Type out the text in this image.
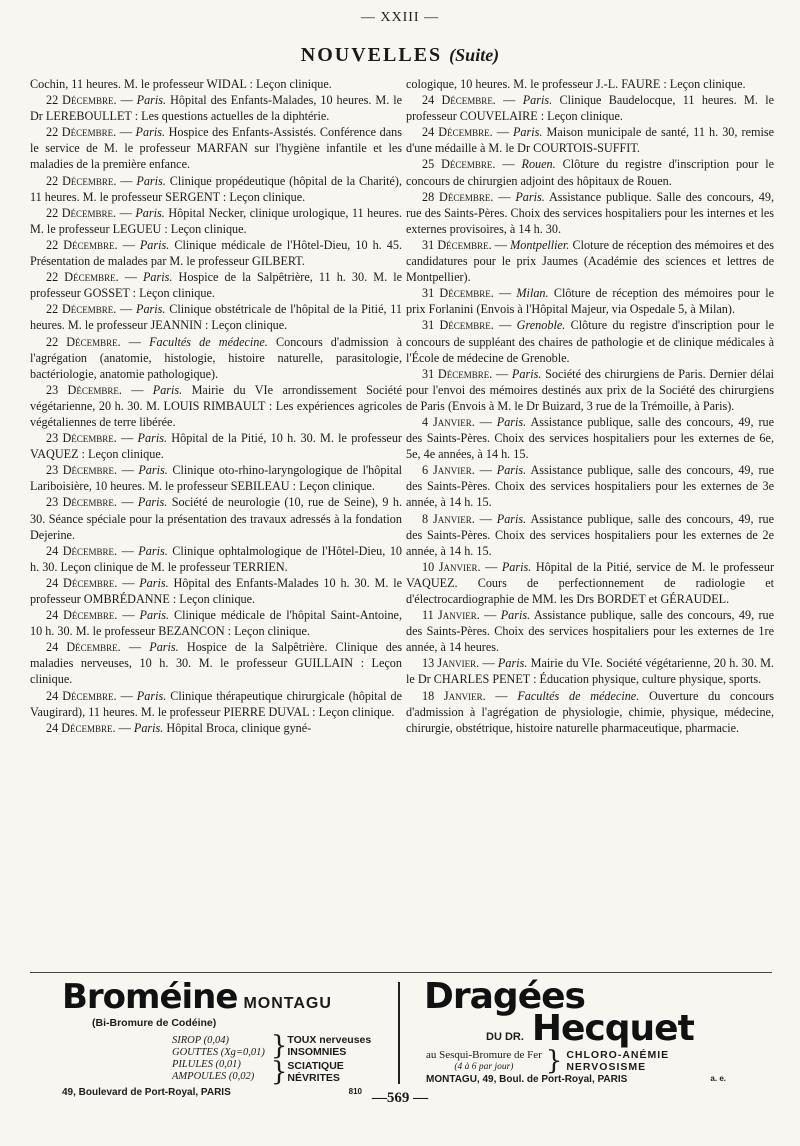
— XXIII —
NOUVELLES (Suite)

Cochin, 11 heures. M. le professeur WIDAL : Leçon clinique.

22 Décembre. — Paris. Hôpital des Enfants-Malades, 10 heures. M. le Dr LEREBOULLET : Les questions actuelles de la diphtérie.

22 Décembre. — Paris. Hospice des Enfants-Assistés. Conférence dans le service de M. le professeur MARFAN sur l'hygiène infantile et les maladies de la première enfance.

22 Décembre. — Paris. Clinique propédeutique (hôpital de la Charité), 11 heures. M. le professeur SERGENT : Leçon clinique.

22 Décembre. — Paris. Hôpital Necker, clinique urologique, 11 heures. M. le professeur LEGUEU : Leçon clinique.

22 Décembre. — Paris. Clinique médicale de l'Hôtel-Dieu, 10 h. 45. Présentation de malades par M. le professeur GILBERT.

22 Décembre. — Paris. Hospice de la Salpêtrière, 11 h. 30. M. le professeur GOSSET : Leçon clinique.

22 Décembre. — Paris. Clinique obstétricale de l'hôpital de la Pitié, 11 heures. M. le professeur JEANNIN : Leçon clinique.

22 Décembre. — Facultés de médecine. Concours d'admission à l'agrégation (anatomie, histologie, histoire naturelle, parasitologie, bactériologie, anatomie pathologique).

23 Décembre. — Paris. Mairie du VIe arrondissement Société végétarienne, 20 h. 30. M. LOUIS RIMBAULT : Les expériences agricoles végétaliennes de terre libérée.

23 Décembre. — Paris. Hôpital de la Pitié, 10 h. 30. M. le professeur VAQUEZ : Leçon clinique.

23 Décembre. — Paris. Clinique oto-rhino-laryngologique de l'hôpital Lariboisière, 10 heures. M. le professeur SEBILEAU : Leçon clinique.

23 Décembre. — Paris. Société de neurologie (10, rue de Seine), 9 h. 30. Séance spéciale pour la présentation des travaux adressés à la fondation Dejerine.

24 Décembre. — Paris. Clinique ophtalmologique de l'Hôtel-Dieu, 10 h. 30. Leçon clinique de M. le professeur TERRIEN.

24 Décembre. — Paris. Hôpital des Enfants-Malades 10 h. 30. M. le professeur OMBRÉDANNE : Leçon clinique.

24 Décembre. — Paris. Clinique médicale de l'hôpital Saint-Antoine, 10 h. 30. M. le professeur BEZANCON : Leçon clinique.

24 Décembre. — Paris. Hospice de la Salpêtrière. Clinique des maladies nerveuses, 10 h. 30. M. le professeur GUILLAIN : Leçon clinique.

24 Décembre. — Paris. Clinique thérapeutique chirurgicale (hôpital de Vaugirard), 11 heures. M. le professeur PIERRE DUVAL : Leçon clinique.

24 Décembre. — Paris. Hôpital Broca, clinique gyné-

cologique, 10 heures. M. le professeur J.-L. FAURE : Leçon clinique.

24 Décembre. — Paris. Clinique Baudelocque, 11 heures. M. le professeur COUVELAIRE : Leçon clinique.

24 Décembre. — Paris. Maison municipale de santé, 11 h. 30, remise d'une médaille à M. le Dr COURTOIS-SUFFIT.

25 Décembre. — Rouen. Clôture du registre d'inscription pour le concours de chirurgien adjoint des hôpitaux de Rouen.

28 Décembre. — Paris. Assistance publique. Salle des concours, 49, rue des Saints-Pères. Choix des services hospitaliers pour les internes et les externes provisoires, à 14 h. 30.

31 Décembre. — Montpellier. Cloture de réception des mémoires et des candidatures pour le prix Jaumes (Académie des sciences et lettres de Montpellier).

31 Décembre. — Milan. Clôture de réception des mémoires pour le prix Forlanini (Envois à l'Hôpital Majeur, via Ospedale 5, à Milan).

31 Décembre. — Grenoble. Clôture du registre d'inscription pour le concours de suppléant des chaires de pathologie et de clinique médicales à l'École de médecine de Grenoble.

31 Décembre. — Paris. Société des chirurgiens de Paris. Dernier délai pour l'envoi des mémoires destinés aux prix de la Société des chirurgiens de Paris (Envois à M. le Dr Buizard, 3 rue de la Trémoille, à Paris).

4 Janvier. — Paris. Assistance publique, salle des concours, 49, rue des Saints-Pères. Choix des services hospitaliers pour les externes de 6e, 5e, 4e années, à 14 h. 15.

6 Janvier. — Paris. Assistance publique, salle des concours, 49, rue des Saints-Pères. Choix des services hospitaliers pour les externes de 3e année, à 14 h. 15.

8 Janvier. — Paris. Assistance publique, salle des concours, 49, rue des Saints-Pères. Choix des services hospitaliers pour les externes de 2e année, à 14 h. 15.

10 Janvier. — Paris. Hôpital de la Pitié, service de M. le professeur VAQUEZ. Cours de perfectionnement de radiologie et d'électrocardiographie de MM. les Drs BORDET et GÉRAUDEL.

11 Janvier. — Paris. Assistance publique, salle des concours, 49, rue des Saints-Pères. Choix des services hospitaliers pour les externes de 1re année, à 14 heures.

13 Janvier. — Paris. Mairie du VIe. Société végétarienne, 20 h. 30. M. le Dr CHARLES PENET : Éducation physique, culture physique, sports.

18 Janvier. — Facultés de médecine. Ouverture du concours d'admission à l'agrégation de physiologie, chimie, physique, médecine, chirurgie, obstétrique, histoire naturelle pharmaceutique, pharmacie.

Broméine MONTAGU
(Bi-Bromure de Codéine)
SIROP (0,04)
GOUTTES (Xg=0,01)
PILULES (0,01)
AMPOULES (0,02)
} TOUX nerveuses
INSOMNIES
} SCIATIQUE
NÉVRITES
49, Boulevard de Port-Royal, PARIS	810
Dragées
DU DR. Hecquet
au Sesqui-Bromure de Fer
(4 à 6 par jour)	} CHLORO-ANÉMIE
NERVOSISME
MONTAGU, 49, Boul. de Port-Royal, PARIS	a. e.
—569 —
